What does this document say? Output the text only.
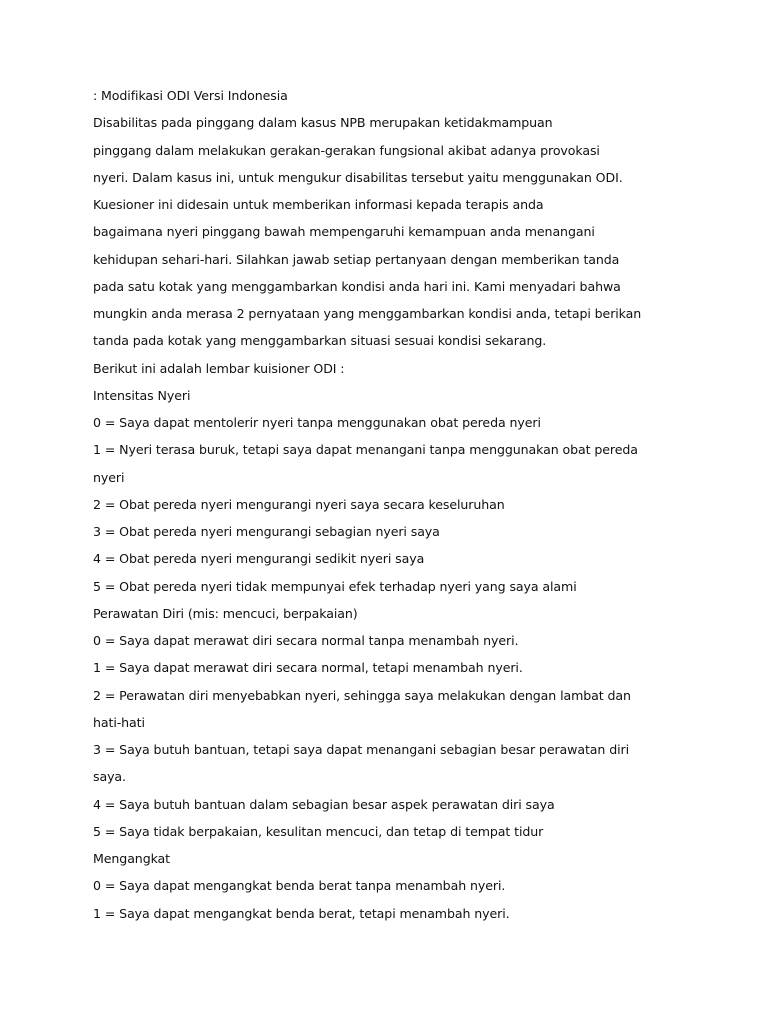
: Modifikasi ODI Versi Indonesia
Disabilitas pada pinggang dalam kasus NPB merupakan ketidakmampuan
pinggang dalam melakukan gerakan-gerakan fungsional akibat adanya provokasi
nyeri. Dalam kasus ini, untuk mengukur disabilitas tersebut yaitu menggunakan ODI.
Kuesioner ini didesain untuk memberikan informasi kepada terapis anda
bagaimana nyeri pinggang bawah mempengaruhi kemampuan anda menangani
kehidupan sehari-hari. Silahkan jawab setiap pertanyaan dengan memberikan tanda
pada satu kotak yang menggambarkan kondisi anda hari ini. Kami menyadari bahwa
mungkin anda merasa 2 pernyataan yang menggambarkan kondisi anda, tetapi berikan
tanda pada kotak yang menggambarkan situasi sesuai kondisi sekarang.
Berikut ini adalah lembar kuisioner ODI :
Intensitas Nyeri
0 = Saya dapat mentolerir nyeri tanpa menggunakan obat pereda nyeri
1 = Nyeri terasa buruk, tetapi saya dapat menangani tanpa menggunakan obat pereda
nyeri
2 = Obat pereda nyeri mengurangi nyeri saya secara keseluruhan
3 = Obat pereda nyeri mengurangi sebagian nyeri saya
4 = Obat pereda nyeri mengurangi sedikit nyeri saya
5 = Obat pereda nyeri tidak mempunyai efek terhadap nyeri yang saya alami
Perawatan Diri (mis: mencuci, berpakaian)
0 = Saya dapat merawat diri secara normal tanpa menambah nyeri.
1 = Saya dapat merawat diri secara normal, tetapi menambah nyeri.
2 = Perawatan diri menyebabkan nyeri, sehingga saya melakukan dengan lambat dan
hati-hati
3 = Saya butuh bantuan, tetapi saya dapat menangani sebagian besar perawatan diri
saya.
4 = Saya butuh bantuan dalam sebagian besar aspek perawatan diri saya
5 = Saya tidak berpakaian, kesulitan mencuci, dan tetap di tempat tidur
Mengangkat
0 = Saya dapat mengangkat benda berat tanpa menambah nyeri.
1 = Saya dapat mengangkat benda berat, tetapi menambah nyeri.
